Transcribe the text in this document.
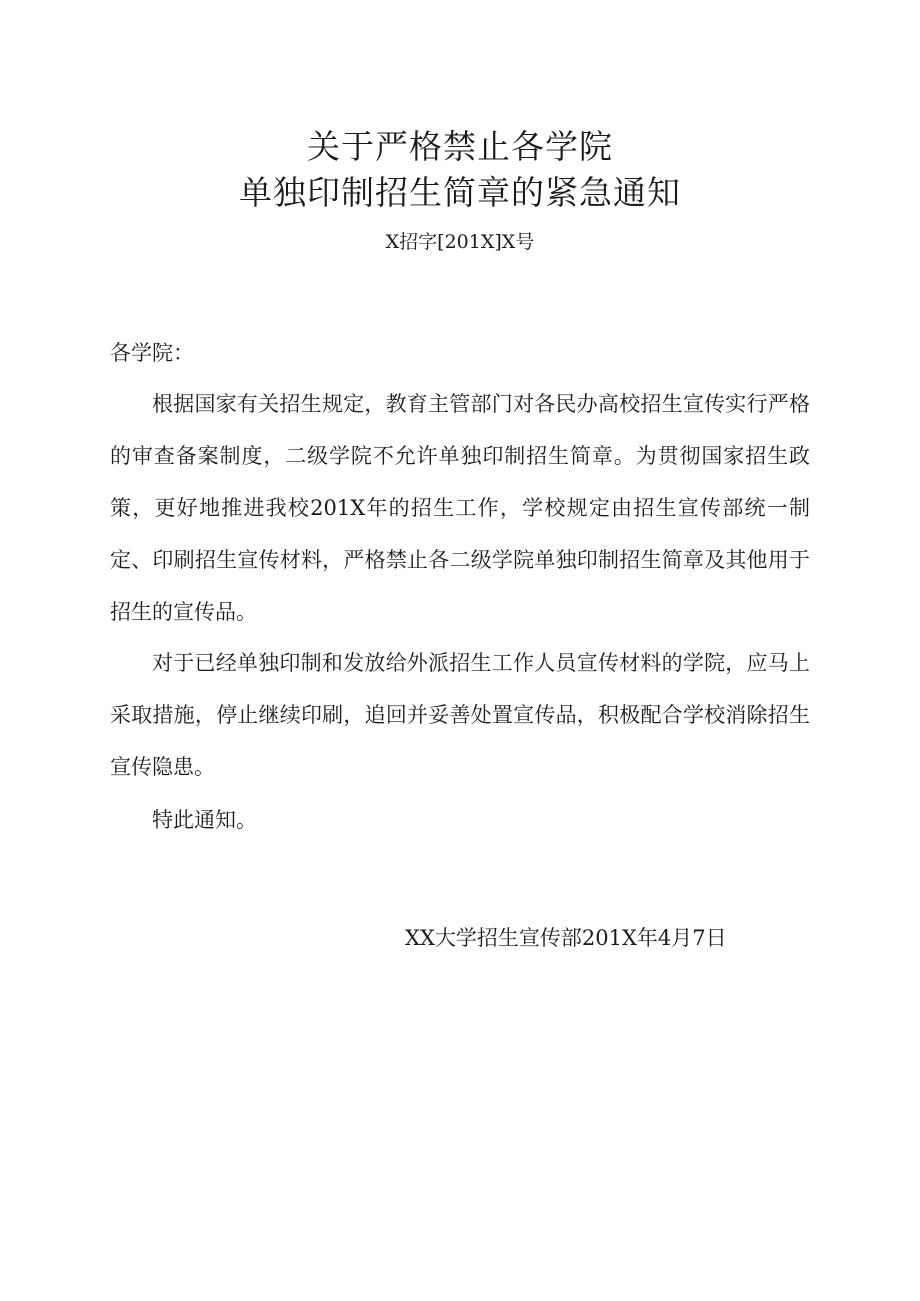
关于严格禁止各学院
单独印制招生简章的紧急通知
X招字[201X]X号

各学院：

根据国家有关招生规定，教育主管部门对各民办高校招生宣传实行严格的审查备案制度，二级学院不允许单独印制招生简章。为贯彻国家招生政策，更好地推进我校201X年的招生工作，学校规定由招生宣传部统一制定、印刷招生宣传材料，严格禁止各二级学院单独印制招生简章及其他用于招生的宣传品。

对于已经单独印制和发放给外派招生工作人员宣传材料的学院，应马上采取措施，停止继续印刷，追回并妥善处置宣传品，积极配合学校消除招生宣传隐患。

特此通知。

XX大学招生宣传部201X年4月7日
